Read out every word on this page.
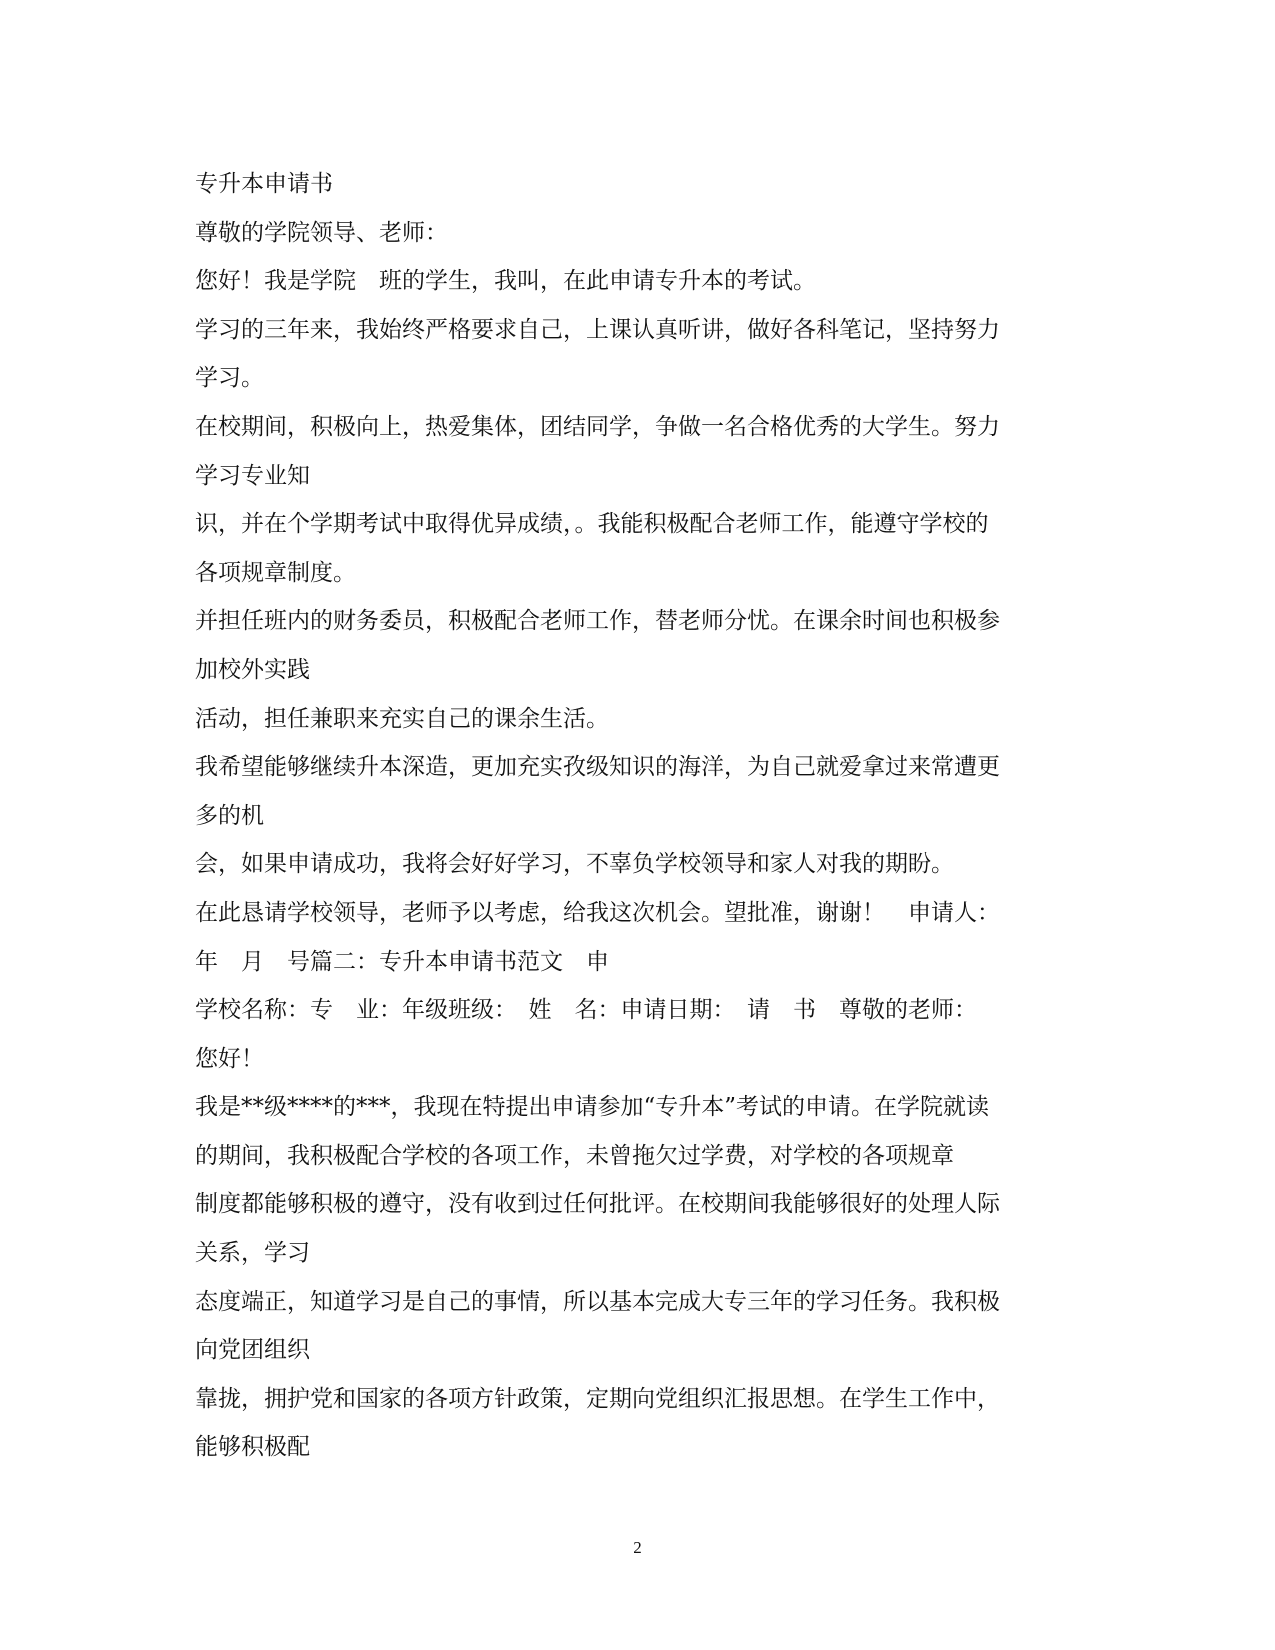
专升本申请书
尊敬的学院领导、老师：
您好！我是学院　班的学生，我叫，在此申请专升本的考试。
学习的三年来，我始终严格要求自己，上课认真听讲，做好各科笔记，坚持努力
学习。
在校期间，积极向上，热爱集体，团结同学，争做一名合格优秀的大学生。努力
学习专业知
识，并在个学期考试中取得优异成绩，。我能积极配合老师工作，能遵守学校的
各项规章制度。
并担任班内的财务委员，积极配合老师工作，替老师分忧。在课余时间也积极参
加校外实践
活动，担任兼职来充实自己的课余生活。
我希望能够继续升本深造，更加充实孜级知识的海洋，为自己就爱拿过来常遭更
多的机
会，如果申请成功，我将会好好学习，不辜负学校领导和家人对我的期盼。
在此恳请学校领导，老师予以考虑，给我这次机会。望批准，谢谢！　申请人：
年　月　号篇二：专升本申请书范文　申
学校名称：专　业：年级班级：　姓　名：申请日期：　请　书　尊敬的老师：
您好！
我是**级****的***，我现在特提出申请参加“专升本”考试的申请。在学院就读
的期间，我积极配合学校的各项工作，未曾拖欠过学费，对学校的各项规章
制度都能够积极的遵守，没有收到过任何批评。在校期间我能够很好的处理人际
关系，学习
态度端正，知道学习是自己的事情，所以基本完成大专三年的学习任务。我积极
向党团组织
靠拢，拥护党和国家的各项方针政策，定期向党组织汇报思想。在学生工作中，
能够积极配
2
